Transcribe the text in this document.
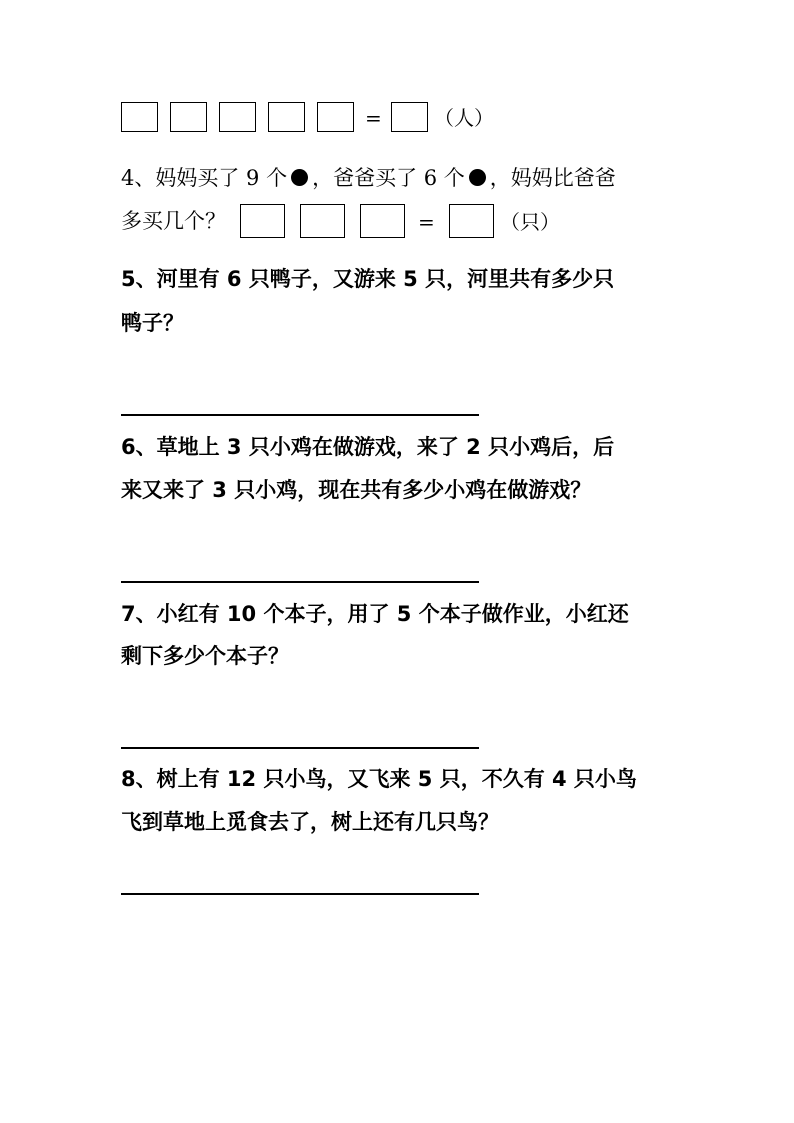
=	（人）
4、妈妈买了 9 个 ，爸爸买了 6 个 ，妈妈比爸爸
多买几个？	=	（只）
5、河里有 6 只鸭子，又游来 5 只，河里共有多少只
鸭子？
6、草地上 3 只小鸡在做游戏，来了 2 只小鸡后，后
来又来了 3 只小鸡，现在共有多少小鸡在做游戏？
7、小红有 10 个本子，用了 5 个本子做作业，小红还
剩下多少个本子？
8、树上有 12 只小鸟，又飞来 5 只，不久有 4 只小鸟
飞到草地上觅食去了，树上还有几只鸟？
